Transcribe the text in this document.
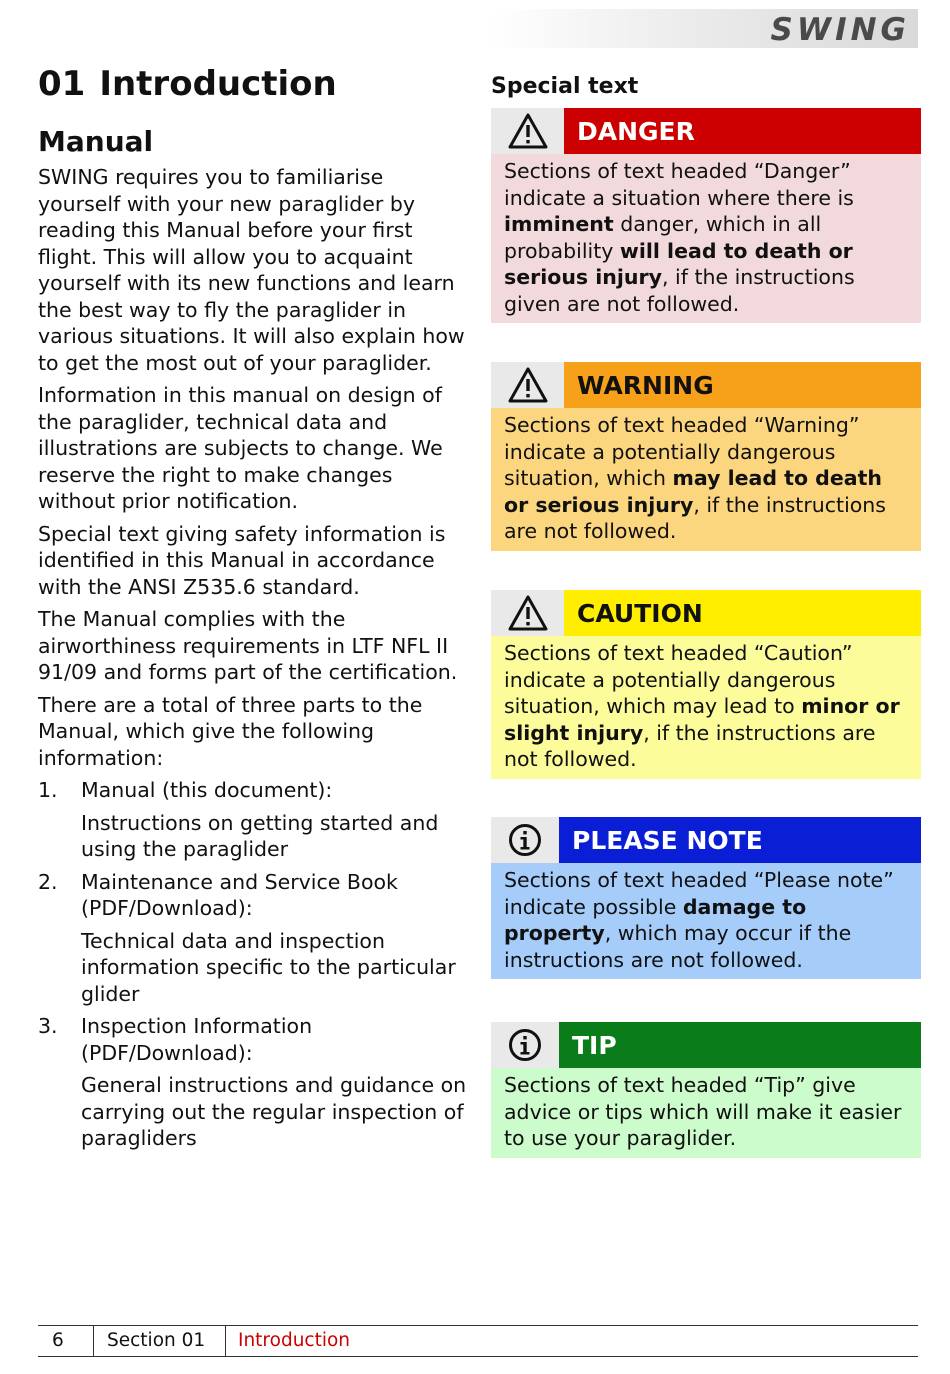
SWING
01 Introduction
Manual

SWING requires you to familiarise yourself with your new paraglider by reading this Manual before your first flight. This will allow you to acquaint yourself with its new functions and learn the best way to fly the paraglider in various situations. It will also explain how to get the most out of your paraglider.

Information in this manual on design of the paraglider, technical data and illustrations are subjects to change. We reserve the right to make changes without prior notification.

Special text giving safety information is identified in this Manual in accordance with the ANSI Z535.6 standard.

The Manual complies with the airworthiness requirements in LTF NFL II 91/09 and forms part of the certification.

There are a total of three parts to the Manual, which give the following information:

1. Manual (this document):
Instructions on getting started and using the paraglider
2. Maintenance and Service Book (PDF/Download):
Technical data and inspection information specific to the particular glider
3. Inspection Information (PDF/Download):
General instructions and guidance on carrying out the regular inspection of paragliders
Special text
DANGER
Sections of text headed “Danger” indicate a situation where there is imminent danger, which in all probability will lead to death or serious injury, if the instructions given are not followed.
WARNING
Sections of text headed “Warning” indicate a potentially dangerous situation, which may lead to death or serious injury, if the instructions are not followed.
CAUTION
Sections of text headed “Caution” indicate a potentially dangerous situation, which may lead to minor or slight injury, if the instructions are not followed.
PLEASE NOTE
Sections of text headed “Please note” indicate possible damage to property, which may occur if the instructions are not followed.
TIP
Sections of text headed “Tip” give advice or tips which will make it easier to use your paraglider.
6 Section 01 Introduction
